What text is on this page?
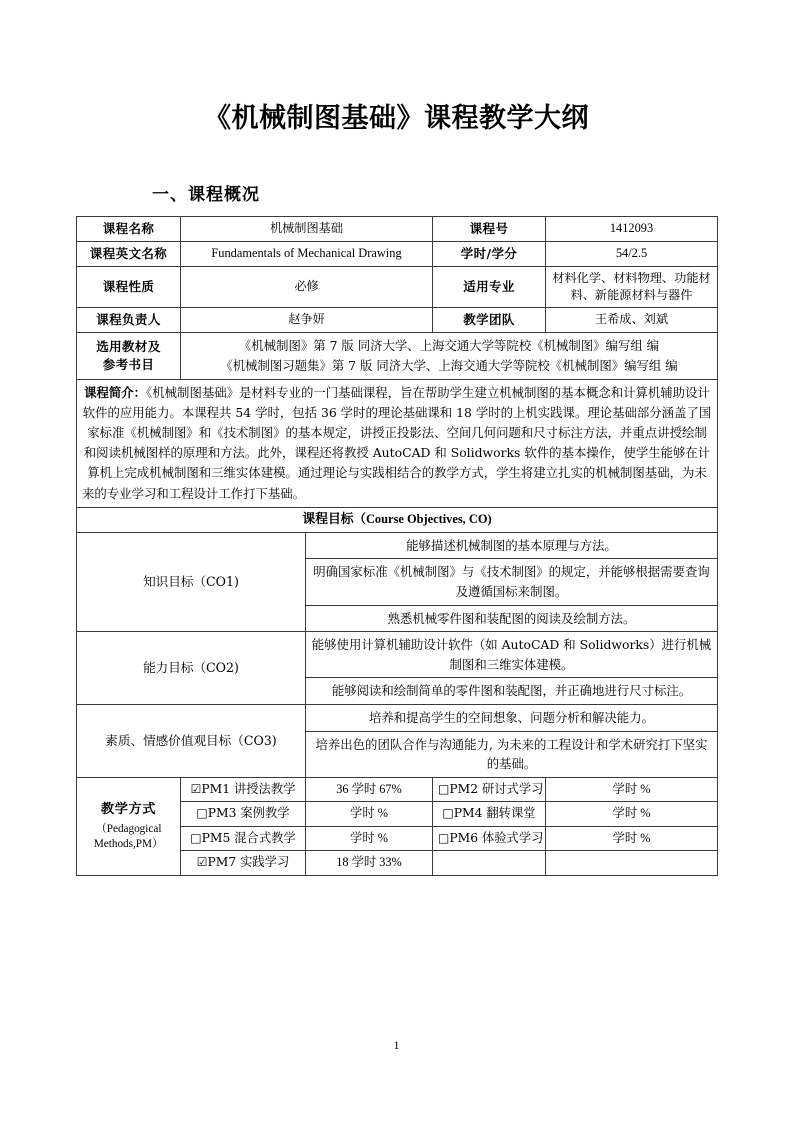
《机械制图基础》课程教学大纲
一、课程概况
课程名称	机械制图基础		课程号	1412093
课程英文名称	Fundamentals of Mechanical Drawing		学时/学分	54/2.5
课程性质	必修		适用专业	材料化学、材料物理、功能材料、新能源材料与器件
课程负责人	赵争妍		教学团队	王希成、刘斌
选用教材及
参考书目	
《机械制图》第 7 版 同济大学、上海交通大学等院校《机械制图》编写组 编
《机械制图习题集》第 7 版 同济大学、上海交通大学等院校《机械制图》编写组 编

课程简介：《机械制图基础》是材料专业的一门基础课程，旨在帮助学生建立机械制图的基本概念和计算机辅助设计软件的应用能力。本课程共 54 学时，包括 36 学时的理论基础课和 18 学时的上机实践课。理论基础部分涵盖了国家标准《机械制图》和《技术制图》的基本规定，讲授正投影法、空间几何问题和尺寸标注方法，并重点讲授绘制和阅读机械图样的原理和方法。此外，课程还将教授 AutoCAD 和 Solidworks 软件的基本操作，使学生能够在计算机上完成机械制图和三维实体建模。通过理论与实践相结合的教学方式，学生将建立扎实的机械制图基础，为未来的专业学习和工程设计工作打下基础。				
课程目标（Course Objectives, CO)				
知识目标（CO1)		能够描述机械制图的基本原理与方法。		
		明确国家标准《机械制图》与《技术制图》的规定，并能够根据需要查询及遵循国标来制图。		
		熟悉机械零件图和装配图的阅读及绘制方法。		
能力目标（CO2)		能够使用计算机辅助设计软件（如 AutoCAD 和 Solidworks）进行机械制图和三维实体建模。		
		能够阅读和绘制简单的零件图和装配图，并正确地进行尺寸标注。		
素质、情感价值观目标（CO3)		培养和提高学生的空间想象、问题分析和解决能力。		
		培养出色的团队合作与沟通能力, 为未来的工程设计和学术研究打下坚实的基础。		

教学方式
（Pedagogical
Methods,PM）	☑PM1 讲授法教学	36 学时 67%	□PM2 研讨式学习	学时 %
	□PM3 案例教学	学时 %	□PM4 翻转课堂	学时 %
	□PM5 混合式教学	学时 %	□PM6 体验式学习	学时 %
	☑PM7 实践学习	18 学时 33%		
1
